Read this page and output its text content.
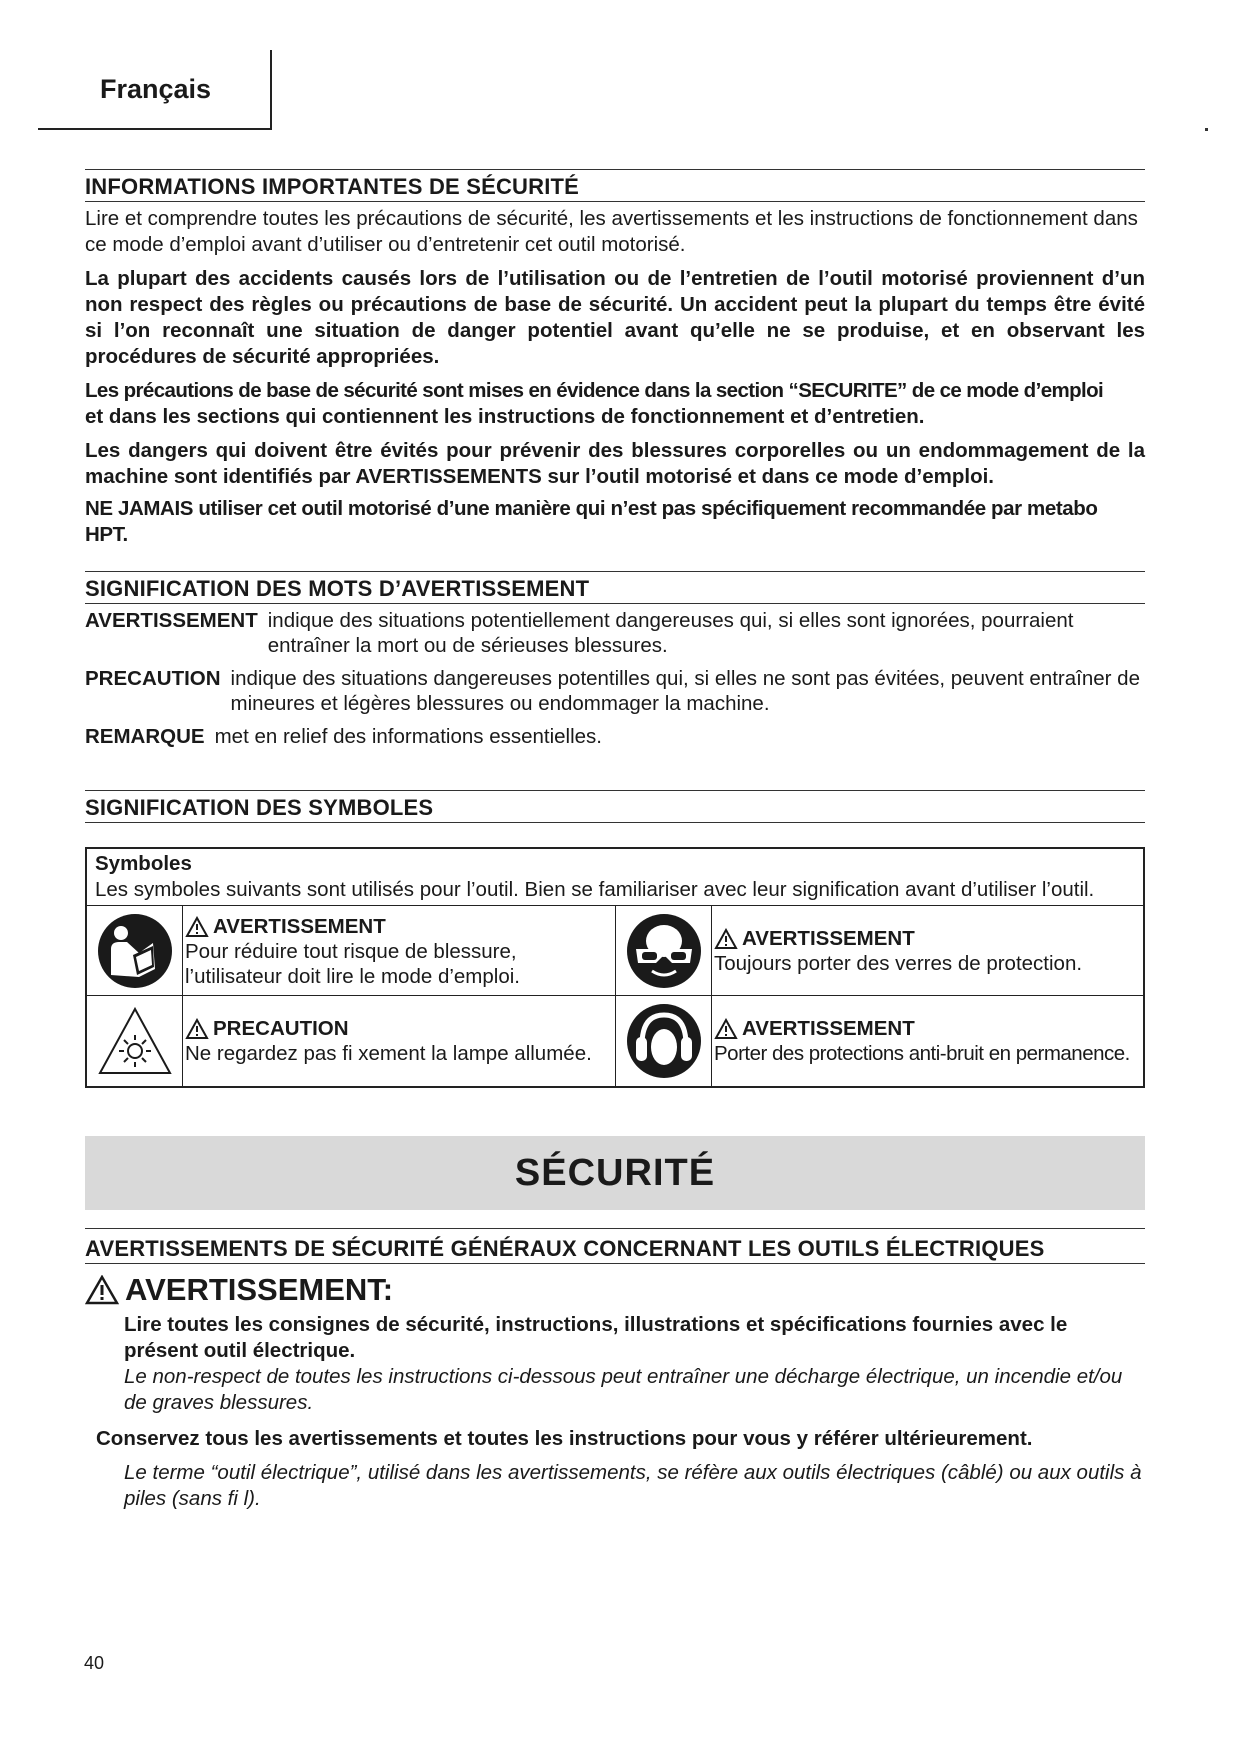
Français
INFORMATIONS IMPORTANTES DE SÉCURITÉ
Lire et comprendre toutes les précautions de sécurité, les avertissements et les instructions de fonctionnement dans ce mode d’emploi avant d’utiliser ou d’entretenir cet outil motorisé.
La plupart des accidents causés lors de l’utilisation ou de l’entretien de l’outil motorisé proviennent d’un non respect des règles ou précautions de base de sécurité. Un accident peut la plupart du temps être évité si l’on reconnaît une situation de danger potentiel avant qu’elle ne se produise, et en observant les procédures de sécurité appropriées.
Les précautions de base de sécurité sont mises en évidence dans la section “SECURITE” de ce mode d’emploi
et dans les sections qui contiennent les instructions de fonctionnement et d’entretien.
Les dangers qui doivent être évités pour prévenir des blessures corporelles ou un endommagement de la machine sont identifiés par AVERTISSEMENTS sur l’outil motorisé et dans ce mode d’emploi.
NE JAMAIS utiliser cet outil motorisé d’une manière qui n’est pas spécifiquement recommandée par metabo HPT.
SIGNIFICATION DES MOTS D’AVERTISSEMENT
AVERTISSEMENT indique des situations potentiellement dangereuses qui, si elles sont ignorées, pourraient entraîner la mort ou de sérieuses blessures.
PRECAUTION indique des situations dangereuses potentilles qui, si elles ne sont pas évitées, peuvent entraîner de mineures et légères blessures ou endommager la machine.
REMARQUE met en relief des informations essentielles.
SIGNIFICATION DES SYMBOLES
Symboles
Les symboles suivants sont utilisés pour l’outil. Bien se familiariser avec leur signification avant d’utiliser l’outil.
AVERTISSEMENT
Pour réduire tout risque de blessure, l’utilisateur doit lire le mode d’emploi.
AVERTISSEMENT
Toujours porter des verres de protection.
PRECAUTION
Ne regardez pas fi xement la lampe allumée.
AVERTISSEMENT
Porter des protections anti-bruit en permanence.
SÉCURITÉ
AVERTISSEMENTS DE SÉCURITÉ GÉNÉRAUX CONCERNANT LES OUTILS ÉLECTRIQUES
AVERTISSEMENT:
Lire toutes les consignes de sécurité, instructions, illustrations et spécifications fournies avec le présent outil électrique.
Le non-respect de toutes les instructions ci-dessous peut entraîner une décharge électrique, un incendie et/ou de graves blessures.
Conservez tous les avertissements et toutes les instructions pour vous y référer ultérieurement.
Le terme “outil électrique”, utilisé dans les avertissements, se réfère aux outils électriques (câblé) ou aux outils à piles (sans fi l).
40
